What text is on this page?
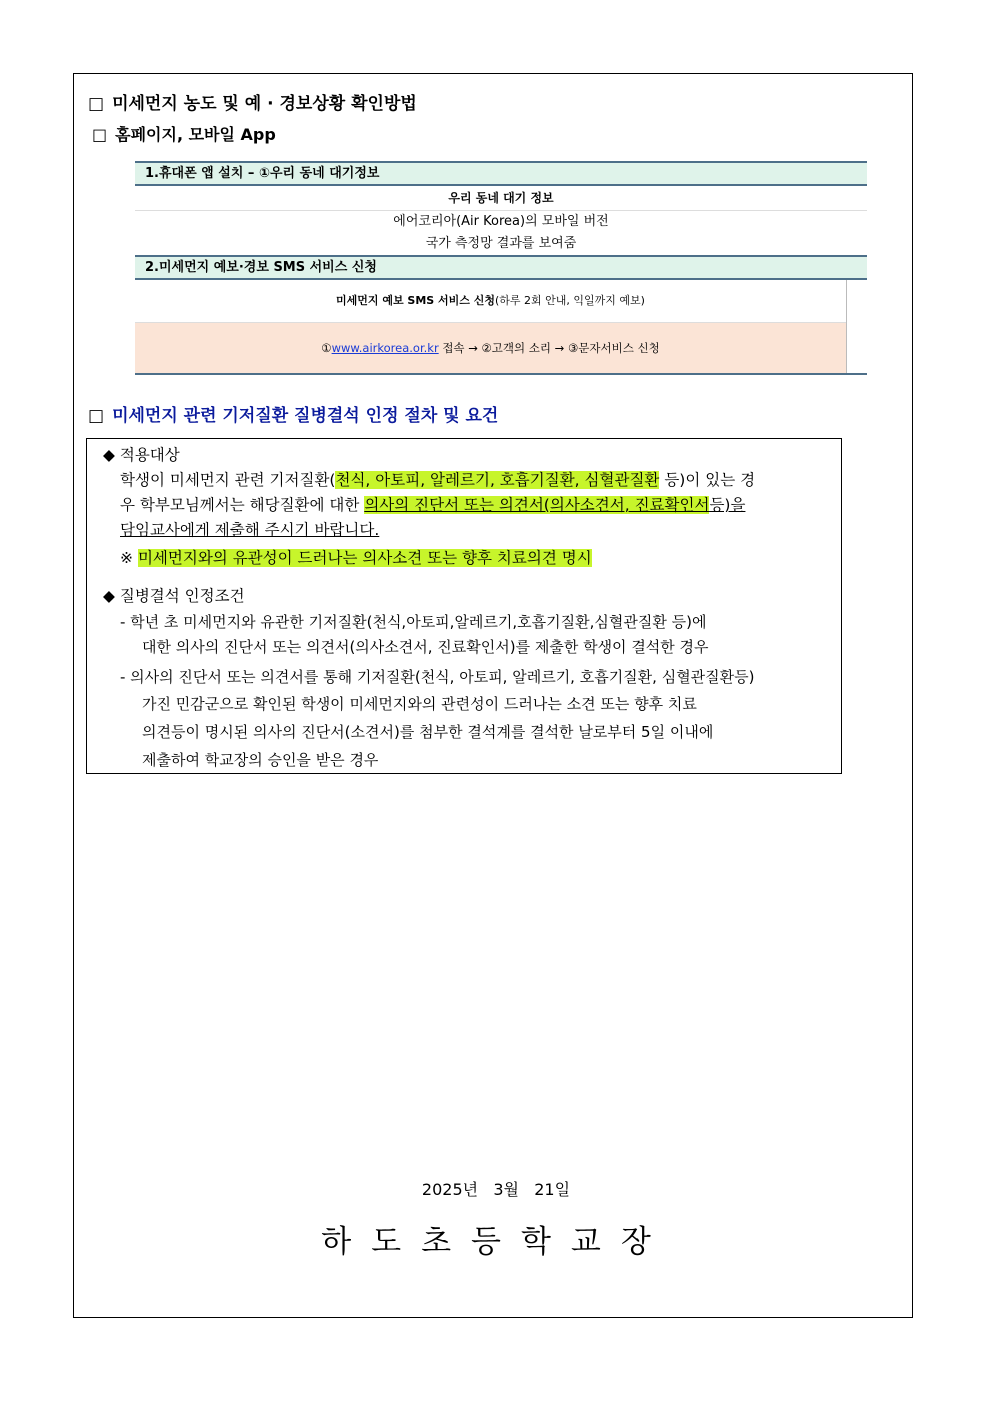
□ 미세먼지 농도 및 예 · 경보상황 확인방법
□ 홈페이지, 모바일 App
1.휴대폰 앱 설치 – ①우리 동네 대기정보
우리 동네 대기 정보
에어코리아(Air Korea)의 모바일 버전
국가 측정망 결과를 보여줌
2.미세먼지 예보·경보 SMS 서비스 신청
미세먼지 예보 SMS 서비스 신청(하루 2회 안내, 익일까지 예보)
①www.airkorea.or.kr 접속 → ②고객의 소리 → ③문자서비스 신청
□ 미세먼지 관련 기저질환 질병결석 인정 절차 및 요건
◆ 적용대상
학생이 미세먼지 관련 기저질환(천식, 아토피, 알레르기, 호흡기질환, 심혈관질환 등)이 있는 경
우 학부모님께서는 해당질환에 대한 의사의 진단서 또는 의견서(의사소견서, 진료확인서등)을
담임교사에게 제출해 주시기 바랍니다.
※ 미세먼지와의 유관성이 드러나는 의사소견 또는 향후 치료의견 명시
◆ 질병결석 인정조건
- 학년 초 미세먼지와 유관한 기저질환(천식,아토피,알레르기,호흡기질환,심혈관질환 등)에
대한 의사의 진단서 또는 의견서(의사소견서, 진료확인서)를 제출한 학생이 결석한 경우
- 의사의 진단서 또는 의견서를 통해 기저질환(천식, 아토피, 알레르기, 호흡기질환, 심혈관질환등)
가진 민감군으로 확인된 학생이 미세먼지와의 관련성이 드러나는 소견 또는 향후 치료
의견등이 명시된 의사의 진단서(소견서)를 첨부한 결석계를 결석한 날로부터 5일 이내에
제출하여 학교장의 승인을 받은 경우
2025년   3월   21일
하도초등학교장
